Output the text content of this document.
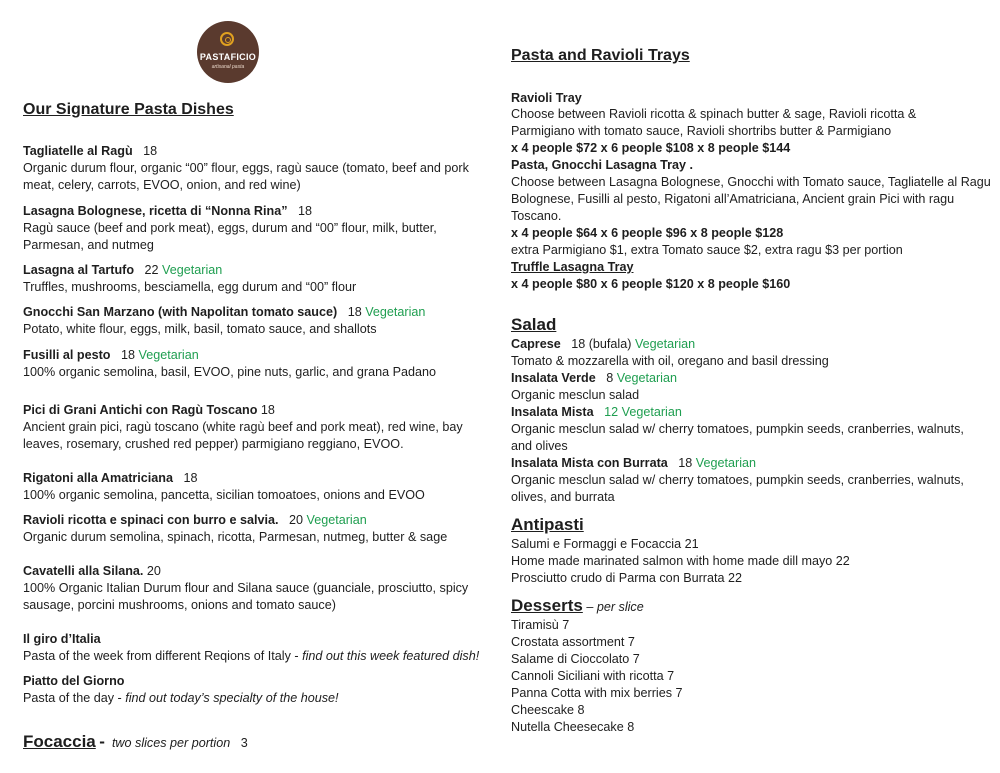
PASTAFICIO
artisanal pasta
Our Signature Pasta Dishes
Tagliatelle al Ragù 18
Organic durum flour, organic “00” flour, eggs, ragù sauce (tomato, beef and pork meat, celery, carrots, EVOO, onion, and red wine)
Lasagna Bolognese, ricetta di “Nonna Rina” 18
Ragù sauce (beef and pork meat), eggs, durum and “00” flour, milk, butter, Parmesan, and nutmeg
Lasagna al Tartufo 22 Vegetarian
Truffles, mushrooms, besciamella, egg durum and “00” flour
Gnocchi San Marzano (with Napolitan tomato sauce) 18 Vegetarian
Potato, white flour, eggs, milk, basil, tomato sauce, and shallots
Fusilli al pesto 18 Vegetarian
100% organic semolina, basil, EVOO, pine nuts, garlic, and grana Padano
Pici di Grani Antichi con Ragù Toscano 18
Ancient grain pici, ragù toscano (white ragù beef and pork meat), red wine, bay leaves, rosemary, crushed red pepper) parmigiano reggiano, EVOO.
Rigatoni alla Amatriciana 18
100% organic semolina, pancetta, sicilian tomoatoes, onions and EVOO
Ravioli ricotta e spinaci con burro e salvia. 20 Vegetarian
Organic durum semolina, spinach, ricotta, Parmesan, nutmeg, butter & sage
Cavatelli alla Silana. 20
100% Organic Italian Durum flour and Silana sauce (guanciale, prosciutto, spicy sausage, porcini mushrooms, onions and tomato sauce)
Il giro d’Italia
Pasta of the week from different Reqions of Italy - find out this week featured dish!
Piatto del Giorno
Pasta of the day - find out today’s specialty of the house!
Focaccia - two slices per portion 3
Pasta and Ravioli Trays
Ravioli Tray
Choose between Ravioli ricotta & spinach butter & sage, Ravioli ricotta & Parmigiano with tomato sauce, Ravioli shortribs butter & Parmigiano
x 4 people $72 x 6 people $108 x 8 people $144
Pasta, Gnocchi Lasagna Tray .
Choose between Lasagna Bolognese, Gnocchi with Tomato sauce, Tagliatelle al Ragu Bolognese, Fusilli al pesto, Rigatoni all’Amatriciana, Ancient grain Pici with ragu Toscano.
x 4 people $64 x 6 people $96 x 8 people $128
extra Parmigiano $1, extra Tomato sauce $2, extra ragu $3 per portion
Truffle Lasagna Tray
x 4 people $80 x 6 people $120 x 8 people $160
Salad
Caprese 18 (bufala) Vegetarian
Tomato & mozzarella with oil, oregano and basil dressing
Insalata Verde 8 Vegetarian
Organic mesclun salad
Insalata Mista 12 Vegetarian
Organic mesclun salad w/ cherry tomatoes, pumpkin seeds, cranberries, walnuts, and olives
Insalata Mista con Burrata 18 Vegetarian
Organic mesclun salad w/ cherry tomatoes, pumpkin seeds, cranberries, walnuts, olives, and burrata
Antipasti
Salumi e Formaggi e Focaccia 21
Home made marinated salmon with home made dill mayo 22
Prosciutto crudo di Parma con Burrata 22
Desserts – per slice
Tiramisù 7
Crostata assortment 7
Salame di Cioccolato 7
Cannoli Siciliani with ricotta 7
Panna Cotta with mix berries 7
Cheescake 8
Nutella Cheesecake 8
